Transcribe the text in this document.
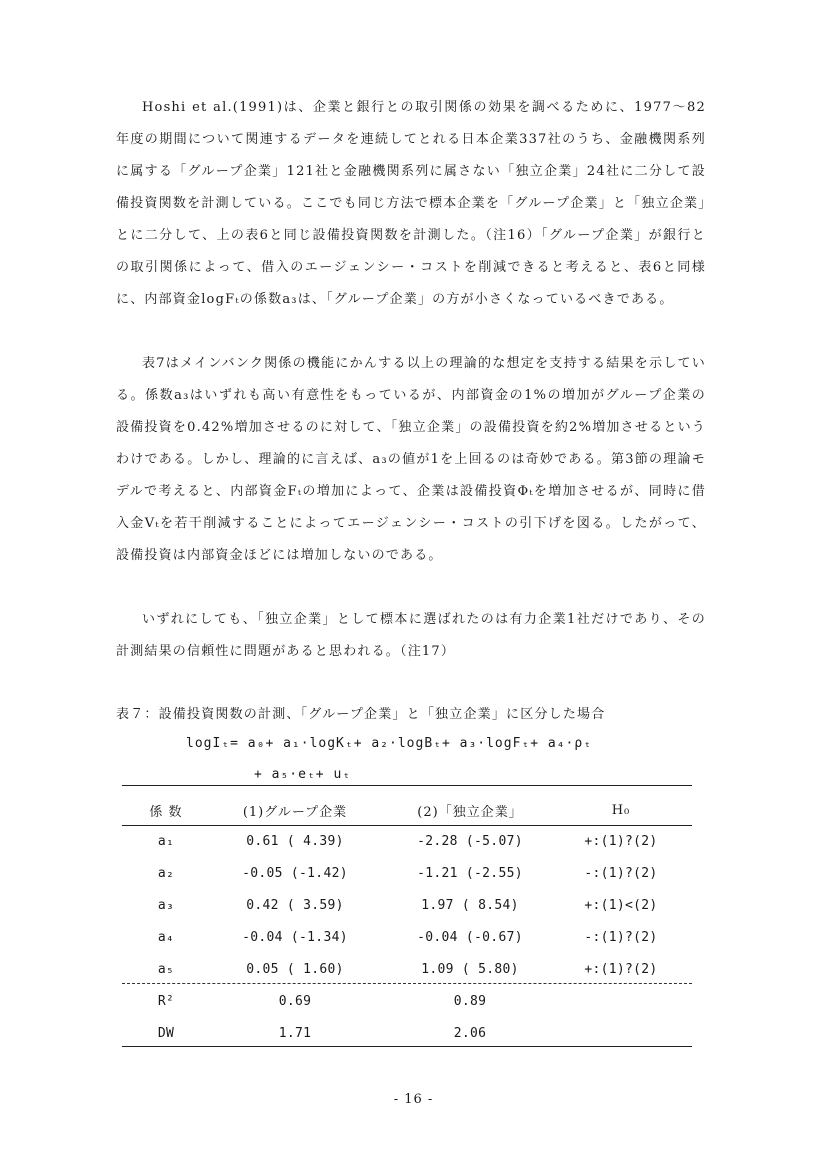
Hoshi et al.(1991)は、企業と銀行との取引関係の効果を調べるために、1977～82年度の期間について関連するデータを連続してとれる日本企業337社のうち、金融機関系列に属する「グループ企業」121社と金融機関系列に属さない「独立企業」24社に二分して設備投資関数を計測している。ここでも同じ方法で標本企業を「グループ企業」と「独立企業」とに二分して、上の表6と同じ設備投資関数を計測した。（注16）「グループ企業」が銀行との取引関係によって、借入のエージェンシー・コストを削減できると考えると、表6と同様に、内部資金logFₜの係数a₃は、「グループ企業」の方が小さくなっているべきである。

表7はメインバンク関係の機能にかんする以上の理論的な想定を支持する結果を示している。係数a₃はいずれも高い有意性をもっているが、内部資金の1%の増加がグループ企業の設備投資を0.42%増加させるのに対して、「独立企業」の設備投資を約2%増加させるというわけである。しかし、理論的に言えば、a₃の値が1を上回るのは奇妙である。第3節の理論モデルで考えると、内部資金Fₜの増加によって、企業は設備投資Φₜを増加させるが、同時に借入金Vₜを若干削減することによってエージェンシー・コストの引下げを図る。したがって、設備投資は内部資金ほどには増加しないのである。

いずれにしても、「独立企業」として標本に選ばれたのは有力企業1社だけであり、その計測結果の信頼性に問題があると思われる。（注17）

表７：設備投資関数の計測、「グループ企業」と「独立企業」に区分した場合
logIₜ= a₀+ a₁·logKₜ+ a₂·logBₜ+ a₃·logFₜ+ a₄·ρₜ
+ a₅·eₜ+ uₜ
係 数	(1)グループ企業	(2)「独立企業」	H₀
a₁	0.61 ( 4.39)	-2.28 (-5.07)	+:(1)?(2)
a₂	-0.05 (-1.42)	-1.21 (-2.55)	-:(1)?(2)
a₃	0.42 ( 3.59)	1.97 ( 8.54)	+:(1)<(2)
a₄	-0.04 (-1.34)	-0.04 (-0.67)	-:(1)?(2)
a₅	0.05 ( 1.60)	1.09 ( 5.80)	+:(1)?(2)
R²	0.69	0.89	
DW	1.71	2.06	
- 16 -
